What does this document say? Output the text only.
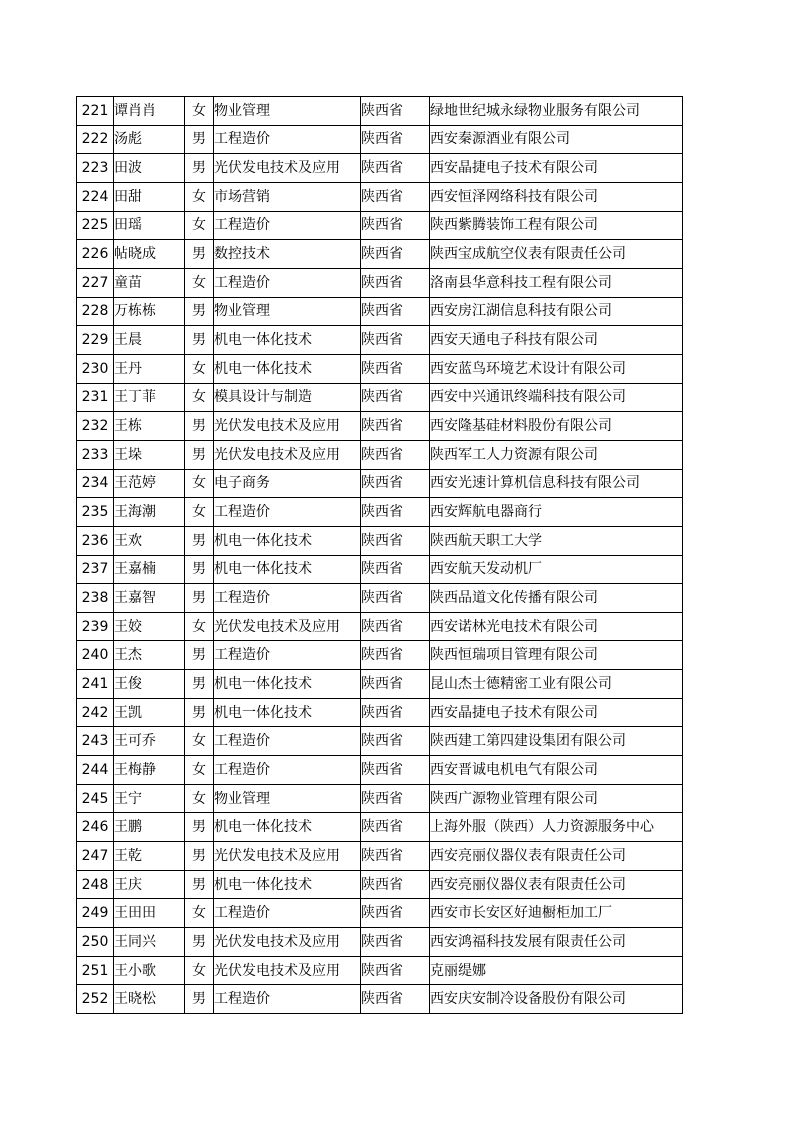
221	谭肖肖	女	物业管理	陕西省	绿地世纪城永绿物业服务有限公司
222	汤彪	男	工程造价	陕西省	西安秦源酒业有限公司
223	田波	男	光伏发电技术及应用	陕西省	西安晶捷电子技术有限公司
224	田甜	女	市场营销	陕西省	西安恒泽网络科技有限公司
225	田瑶	女	工程造价	陕西省	陕西紫腾装饰工程有限公司
226	帖晓成	男	数控技术	陕西省	陕西宝成航空仪表有限责任公司
227	童苗	女	工程造价	陕西省	洛南县华意科技工程有限公司
228	万栋栋	男	物业管理	陕西省	西安房江湖信息科技有限公司
229	王晨	男	机电一体化技术	陕西省	西安天通电子科技有限公司
230	王丹	女	机电一体化技术	陕西省	西安蓝鸟环境艺术设计有限公司
231	王丁菲	女	模具设计与制造	陕西省	西安中兴通讯终端科技有限公司
232	王栋	男	光伏发电技术及应用	陕西省	西安隆基硅材料股份有限公司
233	王垛	男	光伏发电技术及应用	陕西省	陕西军工人力资源有限公司
234	王范婷	女	电子商务	陕西省	西安光速计算机信息科技有限公司
235	王海潮	女	工程造价	陕西省	西安辉航电器商行
236	王欢	男	机电一体化技术	陕西省	陕西航天职工大学
237	王嘉楠	男	机电一体化技术	陕西省	西安航天发动机厂
238	王嘉智	男	工程造价	陕西省	陕西品道文化传播有限公司
239	王姣	女	光伏发电技术及应用	陕西省	西安诺林光电技术有限公司
240	王杰	男	工程造价	陕西省	陕西恒瑞项目管理有限公司
241	王俊	男	机电一体化技术	陕西省	昆山杰士德精密工业有限公司
242	王凯	男	机电一体化技术	陕西省	西安晶捷电子技术有限公司
243	王可乔	女	工程造价	陕西省	陕西建工第四建设集团有限公司
244	王梅静	女	工程造价	陕西省	西安晋诚电机电气有限公司
245	王宁	女	物业管理	陕西省	陕西广源物业管理有限公司
246	王鹏	男	机电一体化技术	陕西省	上海外服（陕西）人力资源服务中心
247	王乾	男	光伏发电技术及应用	陕西省	西安亮丽仪器仪表有限责任公司
248	王庆	男	机电一体化技术	陕西省	西安亮丽仪器仪表有限责任公司
249	王田田	女	工程造价	陕西省	西安市长安区好迪橱柜加工厂
250	王同兴	男	光伏发电技术及应用	陕西省	西安鸿福科技发展有限责任公司
251	王小歌	女	光伏发电技术及应用	陕西省	克丽缇娜
252	王晓松	男	工程造价	陕西省	西安庆安制冷设备股份有限公司
